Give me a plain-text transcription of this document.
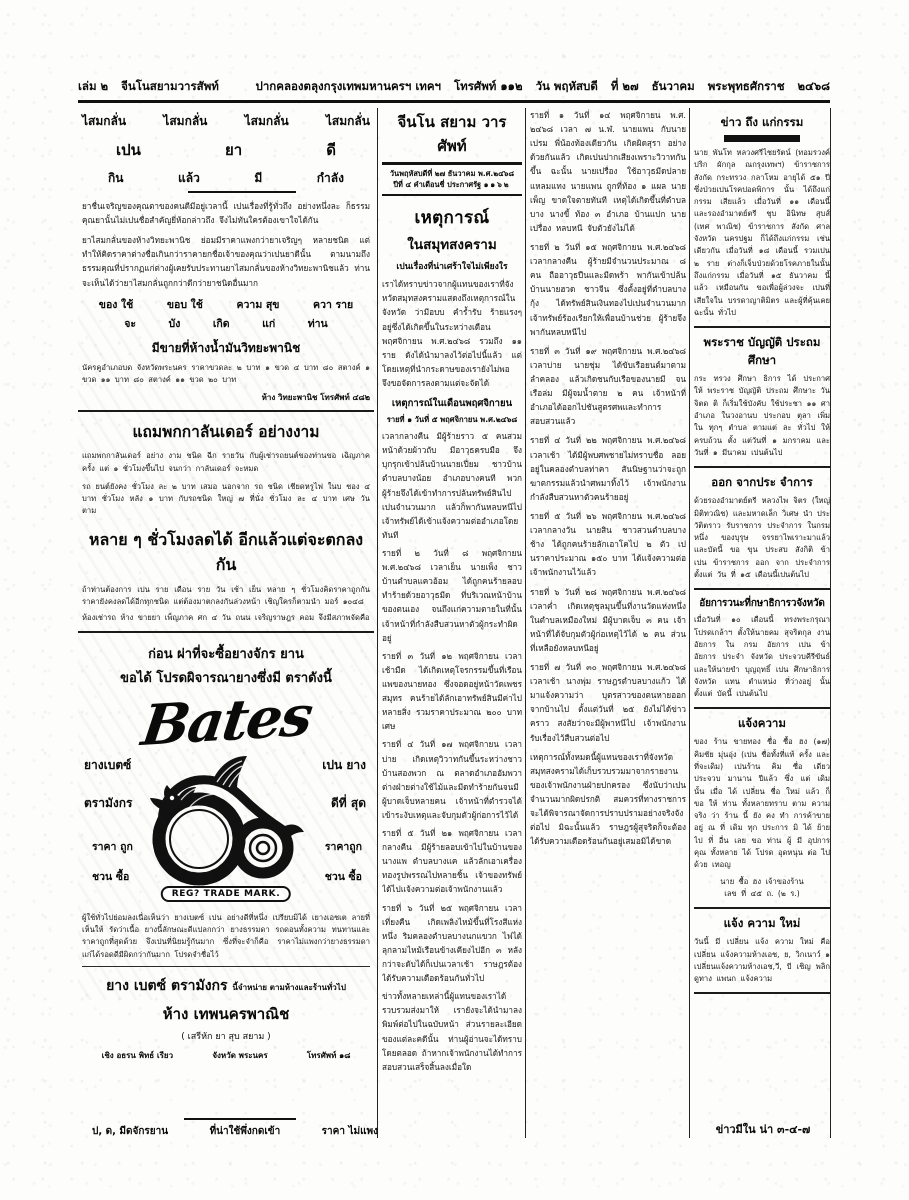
เล่ม ๒ จีนโนสยามวารสัพท์	ปากคลองตลุงกรุงเทพมหานครฯ เทคฯ โทรศัพท์ ๑๑๒ วัน พฤหัสบดี ที่ ๒๗ ธันวาคม พระพุทธศักราช ๒๔๖๘
ไสมกลั่น	ไสมกลั่น	ไสมกลั่น	ไสมกลั่น
เปน	ยา	ดี
กิน	แล้ว	มี	กำลัง
ยาชื่นเจริญของคุณตาของคนดีมีอยู่เวลานี้ เปนเรื่องที่รู้ทั่วถึง อย่างหนึ่งละ ก็ธรรมคุณยานั้นไม่เปนชื่อสำคัญยี่ห้อกล่าวถึง จึงไม่ทันใครต้องเขาใจได้กัน
ยาไสมกลั่นของห้างวิทยะพานิช ย่อมมีราคาแพงกว่ายาเจริญๆ หลายชนิด แต่ทำให้คิดราคาต่างชื่อเกินกว่าราคายกชื่อเจ้าของคุณว่าเปนยาดีนั้น ตามนามถึงธรรมคุณที่ปรากฏแก่ต่างผู้เคยรับประทานยาไสมกลั่นของห้างวิทยะพานิชแล้ว ท่านจะเห็นได้ว่ายาไสมกลั่นถูกกว่าดีกว่ายาชนิดอื่นมาก
ของ ใช้	ขอบ ใช้	ความ สุข	ควา ราย
จะ	บัง	เกิด	แก่	ท่าน
มีขายที่ห้างน้ำมันวิทยะพานิช
นัครคูอำเภอบด จังหวัดพระนคร ราคาขวดละ ๒ บาท ๑ ขวด ๔ บาท ๘๐ สตางค์ ๑ ขวด ๑๑ บาท ๘๐ สตางค์ ๑๑ ขวด ๒๐ บาท
ห้าง วิทยะพานิช โทรศัพท์ ๔๘๒
แถมพกกาลันเดอร์ อย่างงาม
แถมพกกาลันเดอร์ อย่าง งาม ชนิด ฉีก รายวัน กับผู้เช่ารถยนต์ของท่านขอ เฉิญภาค ครั้ง แต่ ๑ ชั่วโมงขึ้นไป จนกว่า กาลันเดอร์ จะหมด
รถ ยนต์ยังคง ชั่วโมง ละ ๒ บาท เสมอ นอกจาก รถ ชนิด เชียดหรูไฟ ในบ ชอง ๔ บาท ชั่วโมง หลัง ๑ บาท กับรถชนิด ใหญ่ ๗ ที่นั่ง ชั่วโมง ละ ๔ บาท เศษ วัน ตาม
หลาย ๆ ชั่วโมงลดได้ อีกแล้วแต่จะตกลงกัน
ถ้าท่านต้องการ เปน ราย เดือน ราย วัน เช้า เย็น หลาย ๆ ชั่วโมงคิดราคาถูกกัน ราคายังคงลดได้อีกทุกชนิด แต่ต้องมาตกลงกันล่วงหน้า เชิญใครก็ตามนำ มอร์ ๑๐๔๘
ห้องเช่ารถ ห้าง ขายยา เพ็ญภาค ศก ๔ วัน ถนน เจริญราษฎร คอม จึงมีสภาพจัดคือ
ก่อน ผ่าที่จะซื้อยางจักร ยาน
ขอได้ โปรดผิจารณายางซึ่งมี ตราดังนี้
Bates
ยางเบตซ์
ตรามังกร
ราคา ถูก
ชวน ซื้อ
เปน ยาง
ดีที่ สุด
ราคาถูก
ชวน ซื้อ
REG? TRADE MARK.
ผู้ใช้ทั่วไปย่อมลงเนื่อเห็นว่า ยางเบตซ์ เปน อย่างดีที่หนึ่ง เปรียบมิได้ เยางเอชเต ลายที่เห็นให้ รัดว่าเนื้อ ยางนี้ลักษณะดีแปลกกว่า ยางธรรมดา รถดอนทั้งความ ทนทานและ ราคาถูกที่สุดด้วย จึงเปนที่นิยมรู้กันมาก ซึ่งที่จะจำก็คือ ราคาไม่แพงกว่ายางธรรมดา แก่ได้รอดดีมีผิดกว่ากันมาก โปรดจำชื่อไว้
ยาง เบตซ์ ตรามังกร นี้จำหน่าย ตามห้างและร้านทั่วไป
ห้าง เทพนครพาณิช
( เสรีหัก ยา สุบ สยาม )
เชิง อธรน พิทธ์ เรียว	จังหวัด พระนคร	โทรศัพท์ ๑๘
จีนโน สยาม วาร ศัพท์
วันพฤหัสบดีที่ ๒๗ ธันวาคม พ.ศ.๒๔๖๘
ปีที่ ๔ คำเดือนชี่ ประกาศรัฐ ๑๑๖๒
เหตุการณ์
ในสมุทสงคราม
เปนเรื่องที่น่าเศร้าใจไม่เพียงใร
เราได้ทราบข่าวจากผู้แทนของเราที่จังหวัดสมุทสงครามแสดงถึงเหตุการณ์ในจังหวัด ว่ามีอบบ คำร้ำรับ ร้ายแรงๆ อยู่ซึ่งได้เกิดขึ้นในระหว่างเดือนพฤศจิกายน พ.ศ.๒๔๖๘ รวมถึง ๑๑ ราย ดังได้นำมาลงไว้ต่อไปนี้แล้ว แต่โดยเหตุที่นำกระดาษของเรายังไม่พอ จึงขอจัดการลงตามแต่จะจัดได้
เหตุการณ์ในเดือนพฤศจิกายน
รายที่ ๑ วันที่ ๕ พฤศจิกายน พ.ศ.๒๔๖๘
เวลากลางคืน มีผู้ร้ายราว ๕ คนสวมหน้าด้วยผ้าวถับ มีอาวุธครบมือ จึงบุกรุกเข้าปล้นบ้านนายเปี่ยม ชาวบ้านตำบลบางน้อย อำเภอบางคนที พวกผู้ร้ายจึงได้เข้าทำการปล้นทรัพย์สินไปเปนจำนวนมาก แล้วก็พากันหลบหนีไป เจ้าทรัพย์ได้เข้าแจ้งความต่ออำเภอโดยทันที
รายที่ ๒ วันที่ ๘ พฤศจิกายน พ.ศ.๒๔๖๘ เวลาเย็น นายเพ็ง ชาวบ้านตำบลแควอ้อม ได้ถูกคนร้ายลอบทำร้ายด้วยอาวุธมีด ที่บริเวณหน้าบ้านของตนเอง จนถึงแก่ความตายในที่นั้น เจ้าหน้าที่กำลังสืบสวนหาตัวผู้กระทำผิดอยู่
รายที่ ๓ วันที่ ๑๒ พฤศจิกายน เวลาเช้ามืด ได้เกิดเหตุโจรกรรมขึ้นที่เรือนแพของนายทอง ซึ่งจอดอยู่หน้าวัดเพชรสมุทร คนร้ายได้ลักเอาทรัพย์สินมีค่าไปหลายสิ่ง รวมราคาประมาณ ๒๐๐ บาทเศษ
รายที่ ๔ วันที่ ๑๗ พฤศจิกายน เวลาบ่าย เกิดเหตุวิวาทกันขึ้นระหว่างชาวบ้านสองพวก ณ ตลาดอำเภออัมพวา ต่างฝ่ายต่างใช้ไม้และมีดทำร้ายกันจนมีผู้บาดเจ็บหลายคน เจ้าหน้าที่ตำรวจได้เข้าระงับเหตุและจับกุมตัวผู้ก่อการไว้ได้
รายที่ ๕ วันที่ ๒๑ พฤศจิกายน เวลากลางคืน มีผู้ร้ายลอบเข้าไปในบ้านของนางแพ ตำบลบางแค แล้วลักเอาเครื่องทองรูปพรรณไปหลายชิ้น เจ้าของทรัพย์ได้ไปแจ้งความต่อเจ้าพนักงานแล้ว
รายที่ ๖ วันที่ ๒๕ พฤศจิกายน เวลาเที่ยงคืน เกิดเพลิงไหม้ขึ้นที่โรงสีแห่งหนึ่ง ริมคลองตำบลบางนกแขวก ไฟได้ลุกลามไหม้เรือนข้างเคียงไปอีก ๓ หลัง กว่าจะดับได้ก็เปนเวลาเช้า ราษฎรต้องได้รับความเดือดร้อนกันทั่วไป
ข่าวทั้งหลายเหล่านี้ผู้แทนของเราได้รวบรวมส่งมาให้ เรายังจะได้นำมาลงพิมพ์ต่อไปในฉบับหน้า ส่วนรายละเอียดของแต่ละคดีนั้น ท่านผู้อ่านจะได้ทราบโดยตลอด ถ้าหากเจ้าพนักงานได้ทำการสอบสวนเสร็จสิ้นลงเมื่อใด
รายที่ ๑ วันที่ ๑๔ พฤศจิกายน พ.ศ. ๒๔๖๘ เวลา ๗ น.ฬ. นายแพน กับนายเปรม พี่น้องท้องเดียวกัน เกิดผิดสุรา อย่างด้วยกันแล้ว เกิดเปนปากเสียงเพราะวิวาทกันขึ้น ฉะนั้น นายเปรื่อง ใช้อาวุธมีดปลายแหลมแทง นายแพน ถูกที่ท้อง ๑ แผล นายเพ็ญ ขาดใจตายทันที เหตุได้เกิดขึ้นที่ตำบลบาง นางขี้ ท้อง ๓ อำเภอ บ้านแปก นายเปรื่อง หลบหนี จับตัวยังไม่ได้
รายที่ ๒ วันที่ ๑๕ พฤศจิกายน พ.ศ.๒๔๖๘ เวลากลางคืน ผู้ร้ายมีจำนวนประมาณ ๘ คน ถืออาวุธปืนและมีดพร้า พากันเข้าปล้นบ้านนายฮวด ชาวจีน ซึ่งตั้งอยู่ที่ตำบลบางกุ้ง ได้ทรัพย์สินเงินทองไปเปนจำนวนมาก เจ้าทรัพย์ร้องเรียกให้เพื่อนบ้านช่วย ผู้ร้ายจึงพากันหลบหนีไป
รายที่ ๓ วันที่ ๑๙ พฤศจิกายน พ.ศ.๒๔๖๘ เวลาบ่าย นายชุ่ม ได้ขับเรือยนต์มาตามลำคลอง แล้วเกิดชนกับเรือของนายมี จนเรือล่ม มีผู้จมน้ำตาย ๒ คน เจ้าหน้าที่อำเภอได้ออกไปชันสูตรศพและทำการสอบสวนแล้ว
รายที่ ๔ วันที่ ๒๒ พฤศจิกายน พ.ศ.๒๔๖๘ เวลาเช้า ได้มีผู้พบศพชายไม่ทราบชื่อ ลอยอยู่ในคลองตำบลท่าคา สันนิษฐานว่าจะถูกฆาตกรรมแล้วนำศพมาทิ้งไว้ เจ้าพนักงานกำลังสืบสวนหาตัวคนร้ายอยู่
รายที่ ๕ วันที่ ๒๖ พฤศจิกายน พ.ศ.๒๔๖๘ เวลากลางวัน นายสิน ชาวสวนตำบลบางช้าง ได้ถูกคนร้ายลักเอาโคไป ๒ ตัว เปนราคาประมาณ ๑๕๐ บาท ได้แจ้งความต่อเจ้าพนักงานไว้แล้ว
รายที่ ๖ วันที่ ๒๘ พฤศจิกายน พ.ศ.๒๔๖๘ เวลาค่ำ เกิดเหตุชุลมุนขึ้นที่งานวัดแห่งหนึ่ง ในตำบลเหมืองใหม่ มีผู้บาดเจ็บ ๓ คน เจ้าหน้าที่ได้จับกุมตัวผู้ก่อเหตุไว้ได้ ๒ คน ส่วนที่เหลือยังหลบหนีอยู่
รายที่ ๗ วันที่ ๓๐ พฤศจิกายน พ.ศ.๒๔๖๘ เวลาเช้า นางพุ่ม ราษฎรตำบลบางแก้ว ได้มาแจ้งความว่า บุตรสาวของตนหายออกจากบ้านไป ตั้งแต่วันที่ ๒๕ ยังไม่ได้ข่าวคราว สงสัยว่าจะมีผู้พาหนีไป เจ้าพนักงานรับเรื่องไว้สืบสวนต่อไป
เหตุการณ์ทั้งหมดนี้ผู้แทนของเราที่จังหวัดสมุทสงครามได้เก็บรวบรวมมาจากรายงานของเจ้าพนักงานฝ่ายปกครอง ซึ่งนับว่าเปนจำนวนมากผิดปรกติ สมควรที่ทางราชการจะได้พิจารณาจัดการปราบปรามอย่างจริงจังต่อไป มิฉะนั้นแล้ว ราษฎรผู้สุจริตก็จะต้องได้รับความเดือดร้อนกันอยู่เสมอมิได้ขาด
ข่าว ถึง แก่กรรม
นาย พันโท หลวงศรีไชยรัตน์ (ทอมรวงค์ ปริก ผักกุล ณกรุงเทพฯ) ข้าราชการ สังกัด กระทรวง กลาโหม อายุได้ ๕๑ ปี ซึ่งป่วยเปนโรคปอดพิการ นั้น ได้ถึงแก่กรรม เสียแล้ว เมื่อวันที่ ๑๑ เดือนนี้ และรองอำมาตย์ตรี ชุบ อินิทษ สุบส์ (เทศ พาณิช) ข้าราชการ สังกัด ศาลจังหวัด นครปฐม ก็ได้ถึงแก่กรรม เช่นเดียวกัน เมื่อวันที่ ๑๘ เดือนนี้ รวมเปน ๒ ราย ต่างก็เจ็บป่วยด้วยโรคภายในนั้น ถึงแก่กรรม เมื่อวันที่ ๑๕ ธันวาคม นี้แล้ว เหมือนกัน ขอเพื่อผู้ล่วงจะ เปนที่ เสียใจใน บรรดาญาติมิตร และผู้ที่คุ้นเคย ฉะนั้น ทั่วไป
พระราช บัญญัติ ประถม ศึกษา
กระ ทรวง ศึกษา ธิการ ได้ ประกาศ ให้ พระราช บัญญัติ ประถม ศึกษาะ วันจิตด ติ ก็เริ่มใช้บังคับ ใช้ประชา ๑๑ ศา อำเภอ ในวงอานบ ประกอบ ตุลา เพิ่ม ใน ทุกๆ ตำบล ตามแต่ ละ ทั่วไป ให้ครบถ้วน ตั้ง แต่วันที่ ๑ มกราคม และ วันที่ ๑ มีนาคม เปนต้นไป
ออก จากประ จำการ
ด้วยรองอำมาตย์ตรี หลวงไพ จิตร (ใหญ่ มิติทวณิช) และมหาดเล็ก วิเศษ นำ ประวัติตราว รับราชการ ประจำการ ในกรมหนึ่ง ของบุรุษ จรรยาไพเราะมาแล้ว และบัดนี้ ขอ ขุน ประสบ สังกิติ ข้า เปน ข้าราชการ ออก จาก ประจำการ ตั้งแต่ วัน ที่ ๑๕ เดือนนี้เปนต้นไป
อัยการวนะที่กษาธิการวจังหวัด
เมื่อวันที่ ๑๐ เดือนนี้ ทรงพระกรุณา โปรดเกล้าฯ ตั้งให้นายคม สุจริตกุล งาน อัยการ ใน กรม อัยการ เปน ข้า อัยการ ประจำ จังหวัด ประจวบคีรีขันธ์ และให้นายขำ บุญฤทธิ์ เปน ศึกษาธิการ จังหวัด แทน ตำแหน่ง ที่ว่างอยู่ นั้น ตั้งแต่ บัดนี้ เปนต้นไป
แจ้งความ
ของ ร้าน ขายทอง ชื่อ ชื้อ ฮง (๑๗) คิมชัย มุ่นอุ่ง (เปน ชื่อทั้งที่แท้ ครั้ง และ ที่จะเดิม) เปนร้าน คิม ซื่อ เดียว ประจวบ มานาน ปีแล้ว ซึ่ง แต่ เดิม นั้น เมื่อ ได้ เปลี่ยน ชื่อ ใหม่ แล้ว ก็ ขอ ให้ ท่าน ทั้งหลายทราบ ตาม ความ จริง ว่า ร้าน นี้ ยัง คง ทำ การค้าขาย อยู่ ณ ที่ เดิม ทุก ประการ มิ ได้ ย้าย ไป ที่ อื่น เลย ขอ ท่าน ผู้ มี อุปการ คุณ ทั้งหลาย ได้ โปรด อุดหนุน ต่อ ไป ด้วย เทอญ
นาย ชื้อ ฮง เจ้าของร้าน
เลข ที่ ๔๕ ถ. (๒ ร.)
แจ้ง ความ ใหม่
วันนี้ มี เปลี่ยน แจ้ง ความ ใหม่ คือ เปลี่ยน แจ้งความห้างเอช, ย, วิกเนาว์ ๑ เปลี่ยนแจ้งความห้างเอช,วี, บี เชิญ พลิก ดูทาง แพนก แจ้งความ
ป, ด, มีดจักรยาน	ที่น่าใช้พึ่งกดเข้า	ราคา ไม่แพง	ข่าวมีใน น่า ๓-๔-๗
